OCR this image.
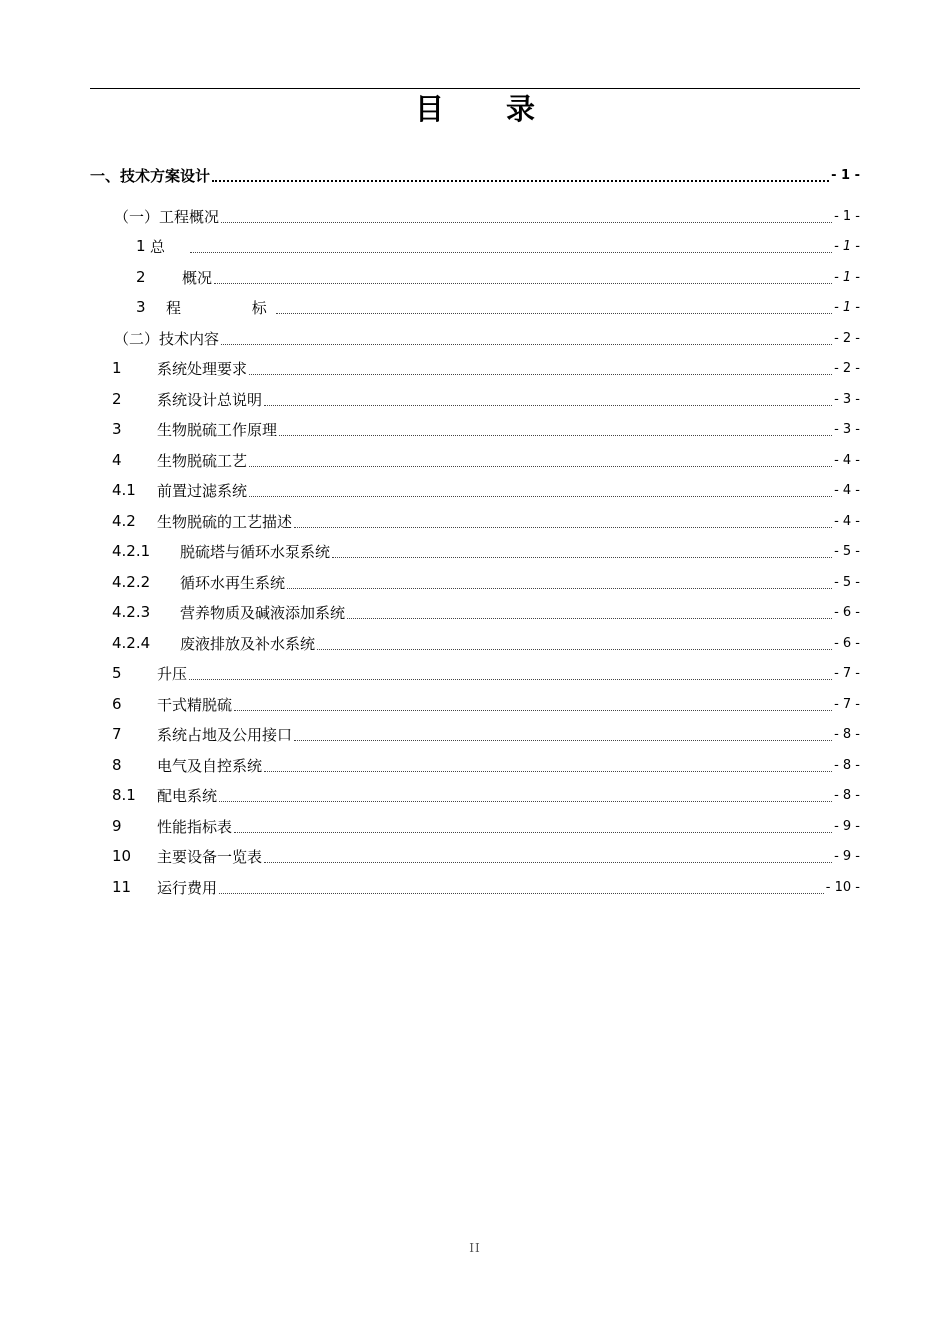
目 录
一、技术方案设计	- 1 -
（一）工程概况	- 1 -
1 总	- 1 -
2	概况	- 1 -
3	程 标	- 1 -
（二）技术内容	- 2 -
1	系统处理要求	- 2 -
2	系统设计总说明	- 3 -
3	生物脱硫工作原理	- 3 -
4	生物脱硫工艺	- 4 -
4.1	前置过滤系统	- 4 -
4.2	生物脱硫的工艺描述	- 4 -
4.2.1	脱硫塔与循环水泵系统	- 5 -
4.2.2	循环水再生系统	- 5 -
4.2.3	营养物质及碱液添加系统	- 6 -
4.2.4	废液排放及补水系统	- 6 -
5	升压	- 7 -
6	干式精脱硫	- 7 -
7	系统占地及公用接口	- 8 -
8	电气及自控系统	- 8 -
8.1	配电系统	- 8 -
9	性能指标表	- 9 -
10	主要设备一览表	- 9 -
11	运行费用	- 10 -
II
